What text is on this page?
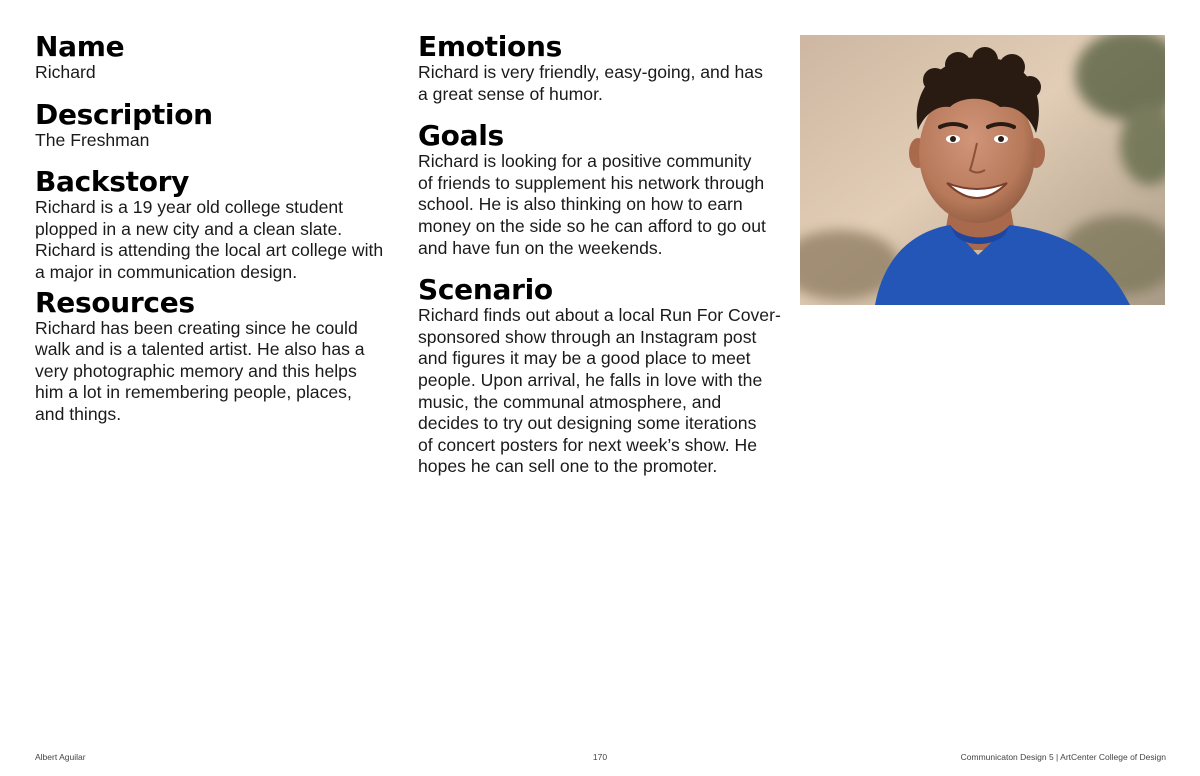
Name

Richard

Description

The Freshman

Backstory

Richard is a 19 year old college student
plopped in a new city and a clean slate.
Richard is attending the local art college with
a major in communication design.

Resources

Richard has been creating since he could
walk and is a talented artist. He also has a
very photographic memory and this helps
him a lot in remembering people, places,
and things.

Emotions

Richard is very friendly, easy-going, and has
a great sense of humor.

Goals

Richard is looking for a positive community
of friends to supplement his network through
school. He is also thinking on how to earn
money on the side so he can afford to go out
and have fun on the weekends.

Scenario

Richard finds out about a local Run For Cover-
sponsored show through an Instagram post
and figures it may be a good place to meet
people. Upon arrival, he falls in love with the
music, the communal atmosphere, and
decides to try out designing some iterations
of concert posters for next week’s show. He
hopes he can sell one to the promoter.

Albert Aguilar	170	Communicaton Design 5 | ArtCenter College of Design
